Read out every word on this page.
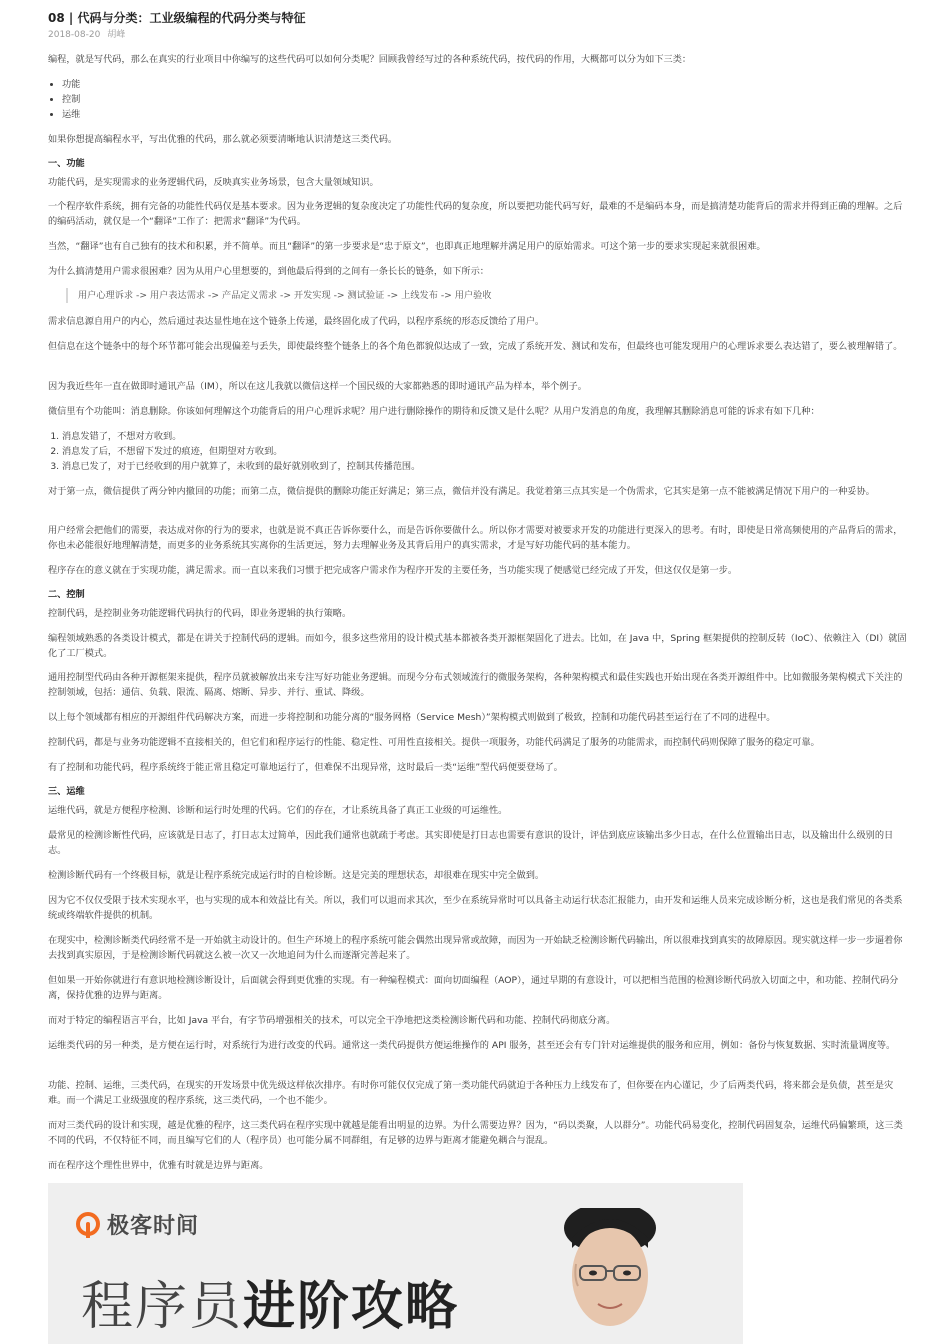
08 | 代码与分类：工业级编程的代码分类与特征
2018-08-20 胡峰

编程，就是写代码，那么在真实的行业项目中你编写的这些代码可以如何分类呢？回顾我曾经写过的各种系统代码，按代码的作用，大概都可以分为如下三类：

• 功能
• 控制
• 运维

如果你想提高编程水平，写出优雅的代码，那么就必须要清晰地认识清楚这三类代码。

一、功能

功能代码，是实现需求的业务逻辑代码，反映真实业务场景，包含大量领域知识。

一个程序软件系统，拥有完备的功能性代码仅是基本要求。因为业务逻辑的复杂度决定了功能性代码的复杂度，所以要把功能代码写好，最难的不是编码本身，而是搞清楚功能背后的需求并得到正确的理解。之后的编码活动，就仅是一个“翻译”工作了：把需求“翻译”为代码。

当然，“翻译”也有自己独有的技术和积累，并不简单。而且“翻译”的第一步要求是“忠于原文”，也即真正地理解并满足用户的原始需求。可这个第一步的要求实现起来就很困难。

为什么搞清楚用户需求很困难？因为从用户心里想要的，到他最后得到的之间有一条长长的链条，如下所示：

用户心理诉求 -> 用户表达需求 -> 产品定义需求 -> 开发实现 -> 测试验证 -> 上线发布 -> 用户验收

需求信息源自用户的内心，然后通过表达显性地在这个链条上传递，最终固化成了代码，以程序系统的形态反馈给了用户。

但信息在这个链条中的每个环节都可能会出现偏差与丢失，即使最终整个链条上的各个角色都貌似达成了一致，完成了系统开发、测试和发布，但最终也可能发现用户的心理诉求要么表达错了，要么被理解错了。

因为我近些年一直在做即时通讯产品（IM），所以在这儿我就以微信这样一个国民级的大家都熟悉的即时通讯产品为样本，举个例子。

微信里有个功能叫：消息删除。你该如何理解这个功能背后的用户心理诉求呢？用户进行删除操作的期待和反馈又是什么呢？从用户发消息的角度，我理解其删除消息可能的诉求有如下几种：

1. 消息发错了，不想对方收到。
2. 消息发了后，不想留下发过的痕迹，但期望对方收到。
3. 消息已发了，对于已经收到的用户就算了，未收到的最好就别收到了，控制其传播范围。

对于第一点，微信提供了两分钟内撤回的功能；而第二点，微信提供的删除功能正好满足；第三点，微信并没有满足。我觉着第三点其实是一个伪需求，它其实是第一点不能被满足情况下用户的一种妥协。

用户经常会把他们的需要，表达成对你的行为的要求，也就是说不真正告诉你要什么，而是告诉你要做什么。所以你才需要对被要求开发的功能进行更深入的思考。有时，即使是日常高频使用的产品背后的需求，你也未必能很好地理解清楚，而更多的业务系统其实离你的生活更远，努力去理解业务及其背后用户的真实需求，才是写好功能代码的基本能力。

程序存在的意义就在于实现功能，满足需求。而一直以来我们习惯于把完成客户需求作为程序开发的主要任务，当功能实现了便感觉已经完成了开发，但这仅仅是第一步。

二、控制

控制代码，是控制业务功能逻辑代码执行的代码，即业务逻辑的执行策略。

编程领域熟悉的各类设计模式，都是在讲关于控制代码的逻辑。而如今，很多这些常用的设计模式基本都被各类开源框架固化了进去。比如，在 Java 中，Spring 框架提供的控制反转（IoC）、依赖注入（DI）就固化了工厂模式。

通用控制型代码由各种开源框架来提供，程序员就被解放出来专注写好功能业务逻辑。而现今分布式领域流行的微服务架构，各种架构模式和最佳实践也开始出现在各类开源组件中。比如微服务架构模式下关注的控制领域，包括：通信、负载、限流、隔离、熔断、异步、并行、重试、降级。

以上每个领域都有相应的开源组件代码解决方案，而进一步将控制和功能分离的“服务网格（Service Mesh）”架构模式则做到了极致，控制和功能代码甚至运行在了不同的进程中。

控制代码，都是与业务功能逻辑不直接相关的，但它们和程序运行的性能、稳定性、可用性直接相关。提供一项服务，功能代码满足了服务的功能需求，而控制代码则保障了服务的稳定可靠。

有了控制和功能代码，程序系统终于能正常且稳定可靠地运行了，但难保不出现异常，这时最后一类“运维”型代码便要登场了。

三、运维

运维代码，就是方便程序检测、诊断和运行时处理的代码。它们的存在，才让系统具备了真正工业级的可运维性。

最常见的检测诊断性代码，应该就是日志了，打日志太过简单，因此我们通常也就疏于考虑。其实即使是打日志也需要有意识的设计，评估到底应该输出多少日志，在什么位置输出日志，以及输出什么级别的日志。

检测诊断代码有一个终极目标，就是让程序系统完成运行时的自检诊断。这是完美的理想状态，却很难在现实中完全做到。

因为它不仅仅受限于技术实现水平，也与实现的成本和效益比有关。所以，我们可以退而求其次，至少在系统异常时可以具备主动运行状态汇报能力，由开发和运维人员来完成诊断分析，这也是我们常见的各类系统或终端软件提供的机制。

在现实中，检测诊断类代码经常不是一开始就主动设计的。但生产环境上的程序系统可能会偶然出现异常或故障，而因为一开始缺乏检测诊断代码输出，所以很难找到真实的故障原因。现实就这样一步一步逼着你去找到真实原因，于是检测诊断代码就这么被一次又一次地追问为什么而逐渐完善起来了。

但如果一开始你就进行有意识地检测诊断设计，后面就会得到更优雅的实现。有一种编程模式：面向切面编程（AOP），通过早期的有意设计，可以把相当范围的检测诊断代码放入切面之中，和功能、控制代码分离，保持优雅的边界与距离。

而对于特定的编程语言平台，比如 Java 平台，有字节码增强相关的技术，可以完全干净地把这类检测诊断代码和功能、控制代码彻底分离。

运维类代码的另一种类，是方便在运行时，对系统行为进行改变的代码。通常这一类代码提供方便运维操作的 API 服务，甚至还会有专门针对运维提供的服务和应用，例如：备份与恢复数据、实时流量调度等。

功能、控制、运维，三类代码，在现实的开发场景中优先级这样依次排序。有时你可能仅仅完成了第一类功能代码就迫于各种压力上线发布了，但你要在内心谨记，少了后两类代码，将来都会是负债，甚至是灾难。而一个满足工业级强度的程序系统，这三类代码，一个也不能少。

而对三类代码的设计和实现，越是优雅的程序，这三类代码在程序实现中就越是能看出明显的边界。为什么需要边界？因为，“码以类聚，人以群分”。功能代码易变化，控制代码固复杂，运维代码偏繁琐，这三类不同的代码，不仅特征不同，而且编写它们的人（程序员）也可能分属不同群组，有足够的边界与距离才能避免耦合与混乱。

而在程序这个理性世界中，优雅有时就是边界与距离。

极客时间
程序员进阶攻略
